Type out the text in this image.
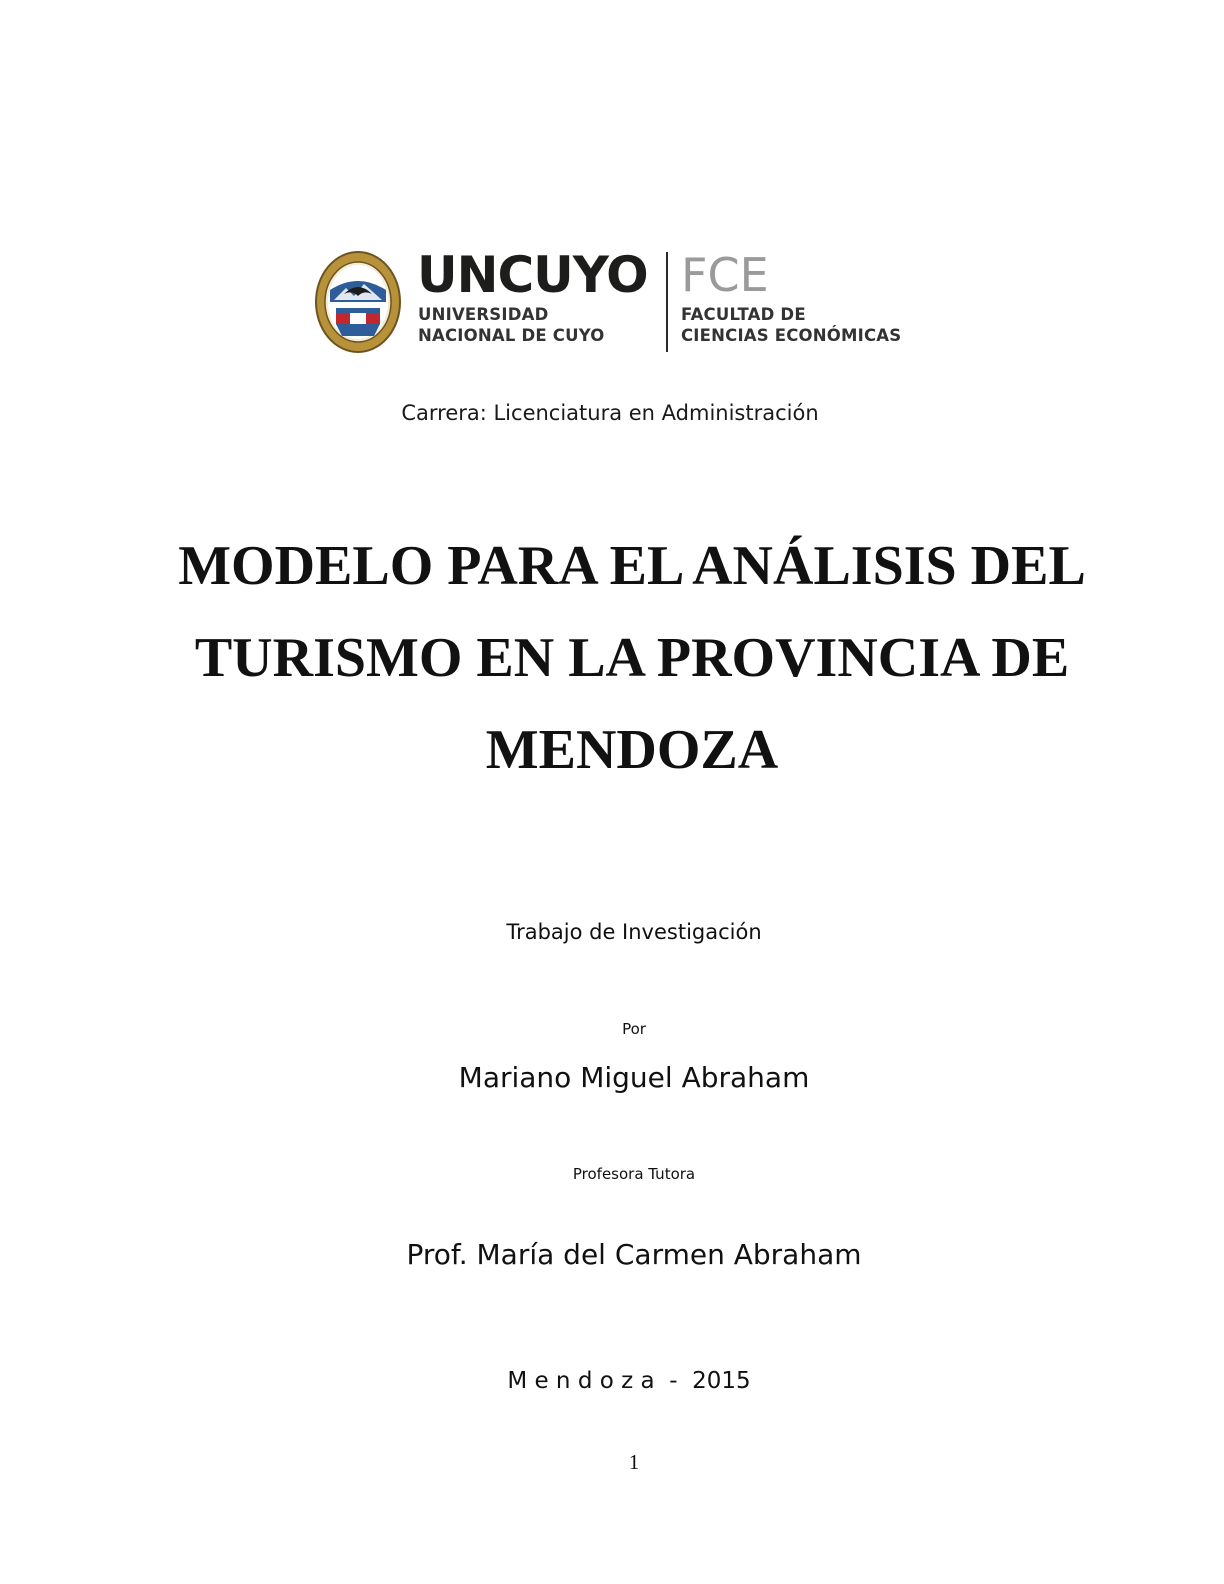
UNCUYO
UNIVERSIDAD
NACIONAL DE CUYO
FCE
FACULTAD DE
CIENCIAS ECONÓMICAS
Carrera: Licenciatura en Administración
MODELO PARA EL ANÁLISIS DEL
TURISMO EN LA PROVINCIA DE
MENDOZA
Trabajo de Investigación
Por
Mariano Miguel Abraham
Profesora Tutora
Prof. María del Carmen Abraham
M e n d o z a  -  2015
1
